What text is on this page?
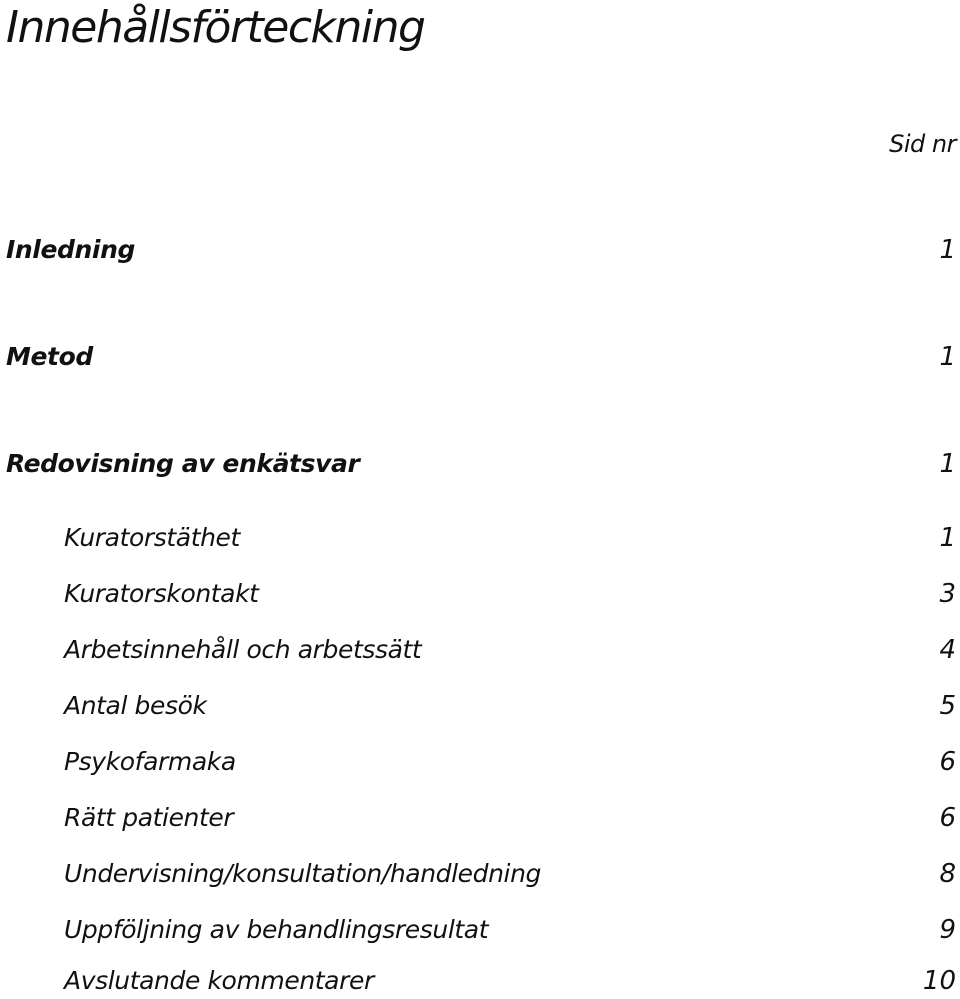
Innehållsförteckning
Sid nr
Inledning	1
Metod	1
Redovisning av enkätsvar	1
Kuratorstäthet	1
Kuratorskontakt	3
Arbetsinnehåll och arbetssätt	4
Antal besök	5
Psykofarmaka	6
Rätt patienter	6
Undervisning/konsultation/handledning	8
Uppföljning av behandlingsresultat	9
Avslutande kommentarer	10
